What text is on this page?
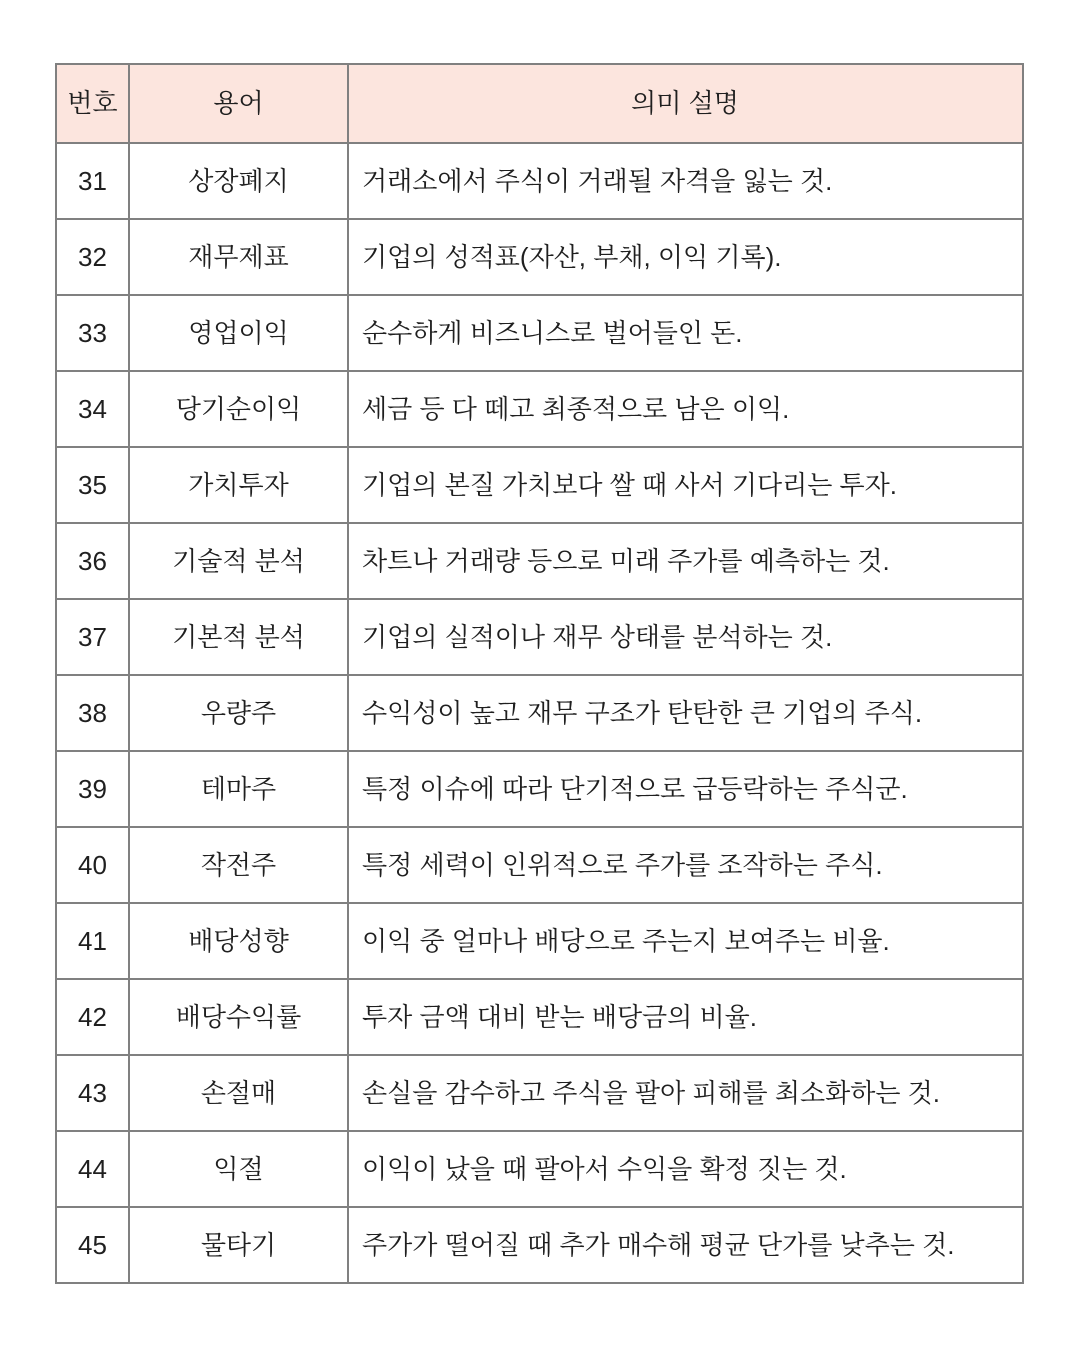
번호	용어	의미 설명
31	상장폐지	거래소에서 주식이 거래될 자격을 잃는 것.
32	재무제표	기업의 성적표(자산, 부채, 이익 기록).
33	영업이익	순수하게 비즈니스로 벌어들인 돈.
34	당기순이익	세금 등 다 떼고 최종적으로 남은 이익.
35	가치투자	기업의 본질 가치보다 쌀 때 사서 기다리는 투자.
36	기술적 분석	차트나 거래량 등으로 미래 주가를 예측하는 것.
37	기본적 분석	기업의 실적이나 재무 상태를 분석하는 것.
38	우량주	수익성이 높고 재무 구조가 탄탄한 큰 기업의 주식.
39	테마주	특정 이슈에 따라 단기적으로 급등락하는 주식군.
40	작전주	특정 세력이 인위적으로 주가를 조작하는 주식.
41	배당성향	이익 중 얼마나 배당으로 주는지 보여주는 비율.
42	배당수익률	투자 금액 대비 받는 배당금의 비율.
43	손절매	손실을 감수하고 주식을 팔아 피해를 최소화하는 것.
44	익절	이익이 났을 때 팔아서 수익을 확정 짓는 것.
45	물타기	주가가 떨어질 때 추가 매수해 평균 단가를 낮추는 것.
